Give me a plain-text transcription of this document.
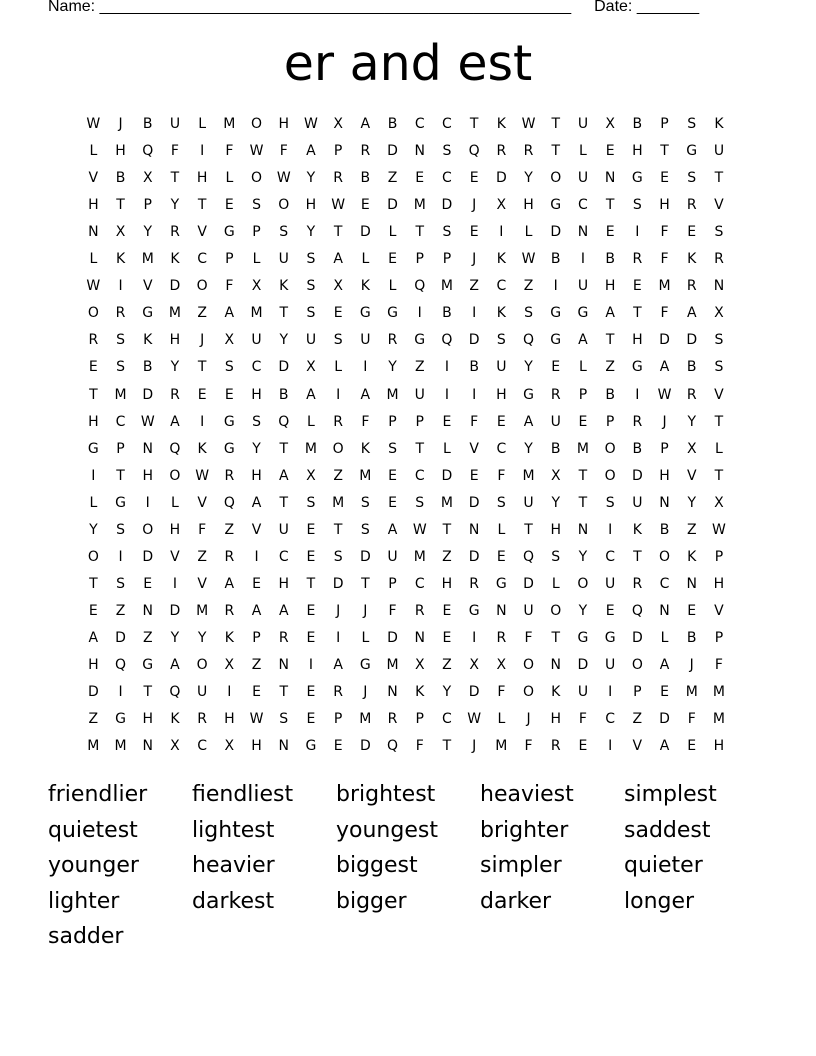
Name: _____________________________________________________ Date: _______
er and est
W	J	B	U	L	M	O	H	W	X	A	B	C	C	T	K	W	T	U	X	B	P	S	K
L	H	Q	F	I	F	W	F	A	P	R	D	N	S	Q	R	R	T	L	E	H	T	G	U
V	B	X	T	H	L	O	W	Y	R	B	Z	E	C	E	D	Y	O	U	N	G	E	S	T
H	T	P	Y	T	E	S	O	H	W	E	D	M	D	J	X	H	G	C	T	S	H	R	V
N	X	Y	R	V	G	P	S	Y	T	D	L	T	S	E	I	L	D	N	E	I	F	E	S
L	K	M	K	C	P	L	U	S	A	L	E	P	P	J	K	W	B	I	B	R	F	K	R
W	I	V	D	O	F	X	K	S	X	K	L	Q	M	Z	C	Z	I	U	H	E	M	R	N
O	R	G	M	Z	A	M	T	S	E	G	G	I	B	I	K	S	G	G	A	T	F	A	X
R	S	K	H	J	X	U	Y	U	S	U	R	G	Q	D	S	Q	G	A	T	H	D	D	S
E	S	B	Y	T	S	C	D	X	L	I	Y	Z	I	B	U	Y	E	L	Z	G	A	B	S
T	M	D	R	E	E	H	B	A	I	A	M	U	I	I	H	G	R	P	B	I	W	R	V
H	C	W	A	I	G	S	Q	L	R	F	P	P	E	F	E	A	U	E	P	R	J	Y	T
G	P	N	Q	K	G	Y	T	M	O	K	S	T	L	V	C	Y	B	M	O	B	P	X	L
I	T	H	O	W	R	H	A	X	Z	M	E	C	D	E	F	M	X	T	O	D	H	V	T
L	G	I	L	V	Q	A	T	S	M	S	E	S	M	D	S	U	Y	T	S	U	N	Y	X
Y	S	O	H	F	Z	V	U	E	T	S	A	W	T	N	L	T	H	N	I	K	B	Z	W
O	I	D	V	Z	R	I	C	E	S	D	U	M	Z	D	E	Q	S	Y	C	T	O	K	P
T	S	E	I	V	A	E	H	T	D	T	P	C	H	R	G	D	L	O	U	R	C	N	H
E	Z	N	D	M	R	A	A	E	J	J	F	R	E	G	N	U	O	Y	E	Q	N	E	V
A	D	Z	Y	Y	K	P	R	E	I	L	D	N	E	I	R	F	T	G	G	D	L	B	P
H	Q	G	A	O	X	Z	N	I	A	G	M	X	Z	X	X	O	N	D	U	O	A	J	F
D	I	T	Q	U	I	E	T	E	R	J	N	K	Y	D	F	O	K	U	I	P	E	M	M
Z	G	H	K	R	H	W	S	E	P	M	R	P	C	W	L	J	H	F	C	Z	D	F	M
M	M	N	X	C	X	H	N	G	E	D	Q	F	T	J	M	F	R	E	I	V	A	E	H
friendlier fiendliest brightest heaviest simplest
quietest lightest	youngest brighter	saddest
younger heavier	biggest	simpler	quieter
lighter	darkest	bigger	darker	longer
sadder
